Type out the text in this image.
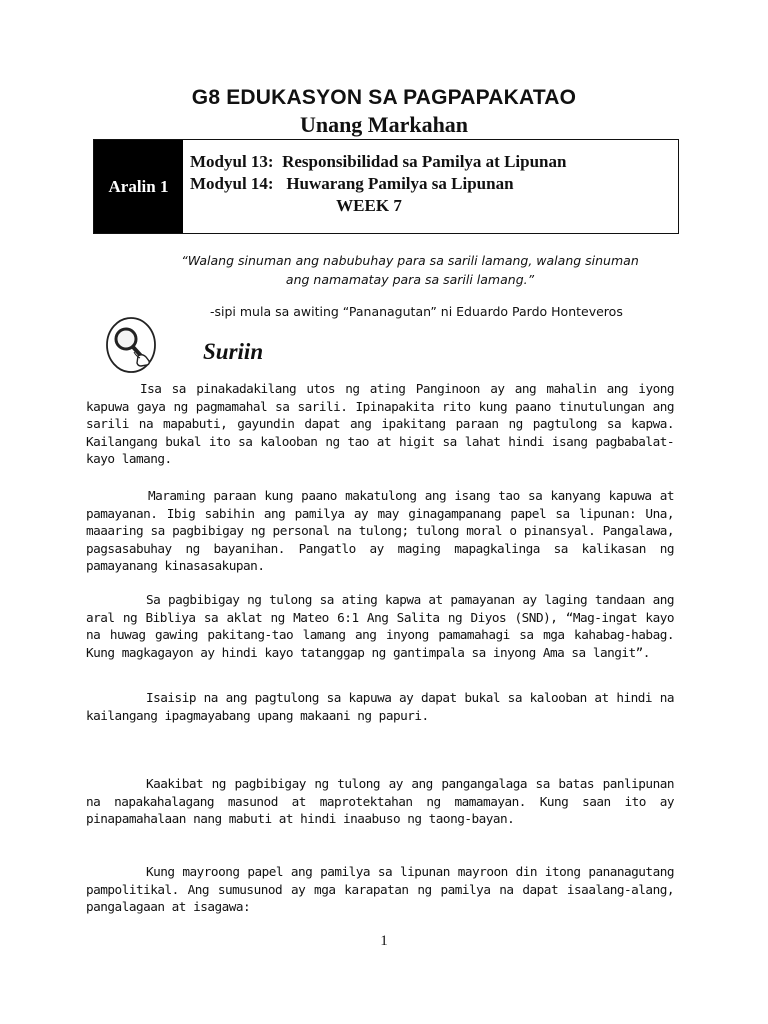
G8 EDUKASYON SA PAGPAPAKATAO
Unang Markahan
Aralin 1
Modyul 13:  Responsibilidad sa Pamilya at Lipunan
Modyul 14:   Huwarang Pamilya sa Lipunan
WEEK 7
“Walang sinuman ang nabubuhay para sa sarili lamang, walang sinuman
ang namamatay para sa sarili lamang.”
-sipi mula sa awiting “Pananagutan” ni Eduardo Pardo Honteveros
Suriin
Isa sa pinakadakilang utos ng ating Panginoon ay ang mahalin ang iyong kapuwa gaya ng pagmamahal sa sarili. Ipinapakita rito kung paano tinutulungan ang sarili na mapabuti, gayundin dapat ang ipakitang paraan ng pagtulong sa kapwa. Kailangang bukal ito sa kalooban ng tao at higit sa lahat hindi isang pagbabalat-kayo lamang.
Maraming paraan kung paano makatulong ang isang tao sa kanyang kapuwa at pamayanan. Ibig sabihin ang pamilya ay may ginagampanang papel sa lipunan: Una, maaaring sa pagbibigay ng personal na tulong; tulong moral o pinansyal. Pangalawa, pagsasabuhay ng bayanihan. Pangatlo ay maging mapagkalinga sa kalikasan ng pamayanang kinasasakupan.
Sa pagbibigay ng tulong sa ating kapwa at pamayanan ay laging tandaan ang aral ng Bibliya sa aklat ng Mateo 6:1 Ang Salita ng Diyos (SND), “Mag-ingat kayo na huwag gawing pakitang-tao lamang ang inyong pamamahagi sa mga kahabag-habag. Kung magkagayon ay hindi kayo tatanggap ng gantimpala sa inyong Ama sa langit”.
Isaisip na ang pagtulong sa kapuwa ay dapat bukal sa kalooban at hindi na kailangang ipagmayabang upang makaani ng papuri.
Kaakibat ng pagbibigay ng tulong ay ang pangangalaga sa batas panlipunan na napakahalagang masunod at maprotektahan ng mamamayan. Kung saan ito ay pinapamahalaan nang mabuti at hindi inaabuso ng taong-bayan.
Kung mayroong papel ang pamilya sa lipunan mayroon din itong pananagutang pampolitikal. Ang sumusunod ay mga karapatan ng pamilya na dapat isaalang-alang, pangalagaan at isagawa:
1
